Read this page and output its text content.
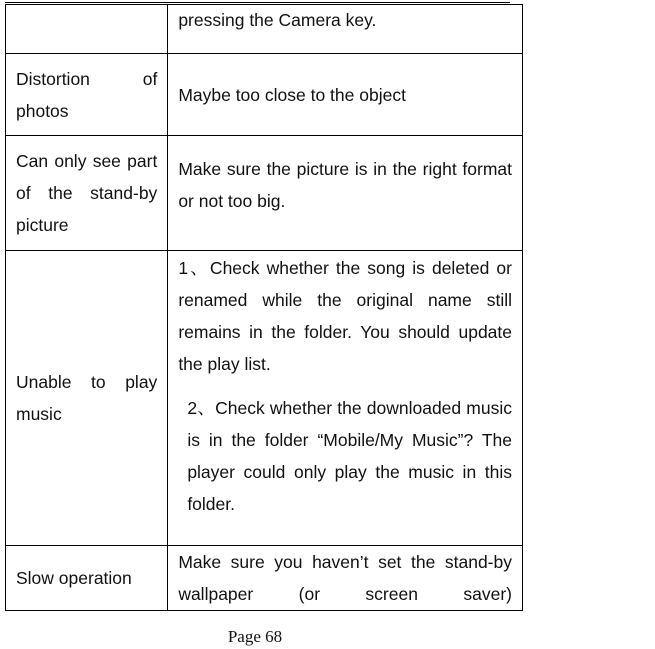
	pressing the Camera key.

Distortion of photos	Maybe too close to the object

Can only see part of the stand-by picture	Make sure the picture is in the right format or not too big.
Unable to play music	1、Check whether the song is deleted or renamed while the original name still remains in the folder. You should update the play list.
2、Check whether the downloaded music is in the folder “Mobile/My Music”? The player could only play the music in this folder.

Slow operation	Make sure you haven’t set the stand-by wallpaper (or screen saver)
Page 68
